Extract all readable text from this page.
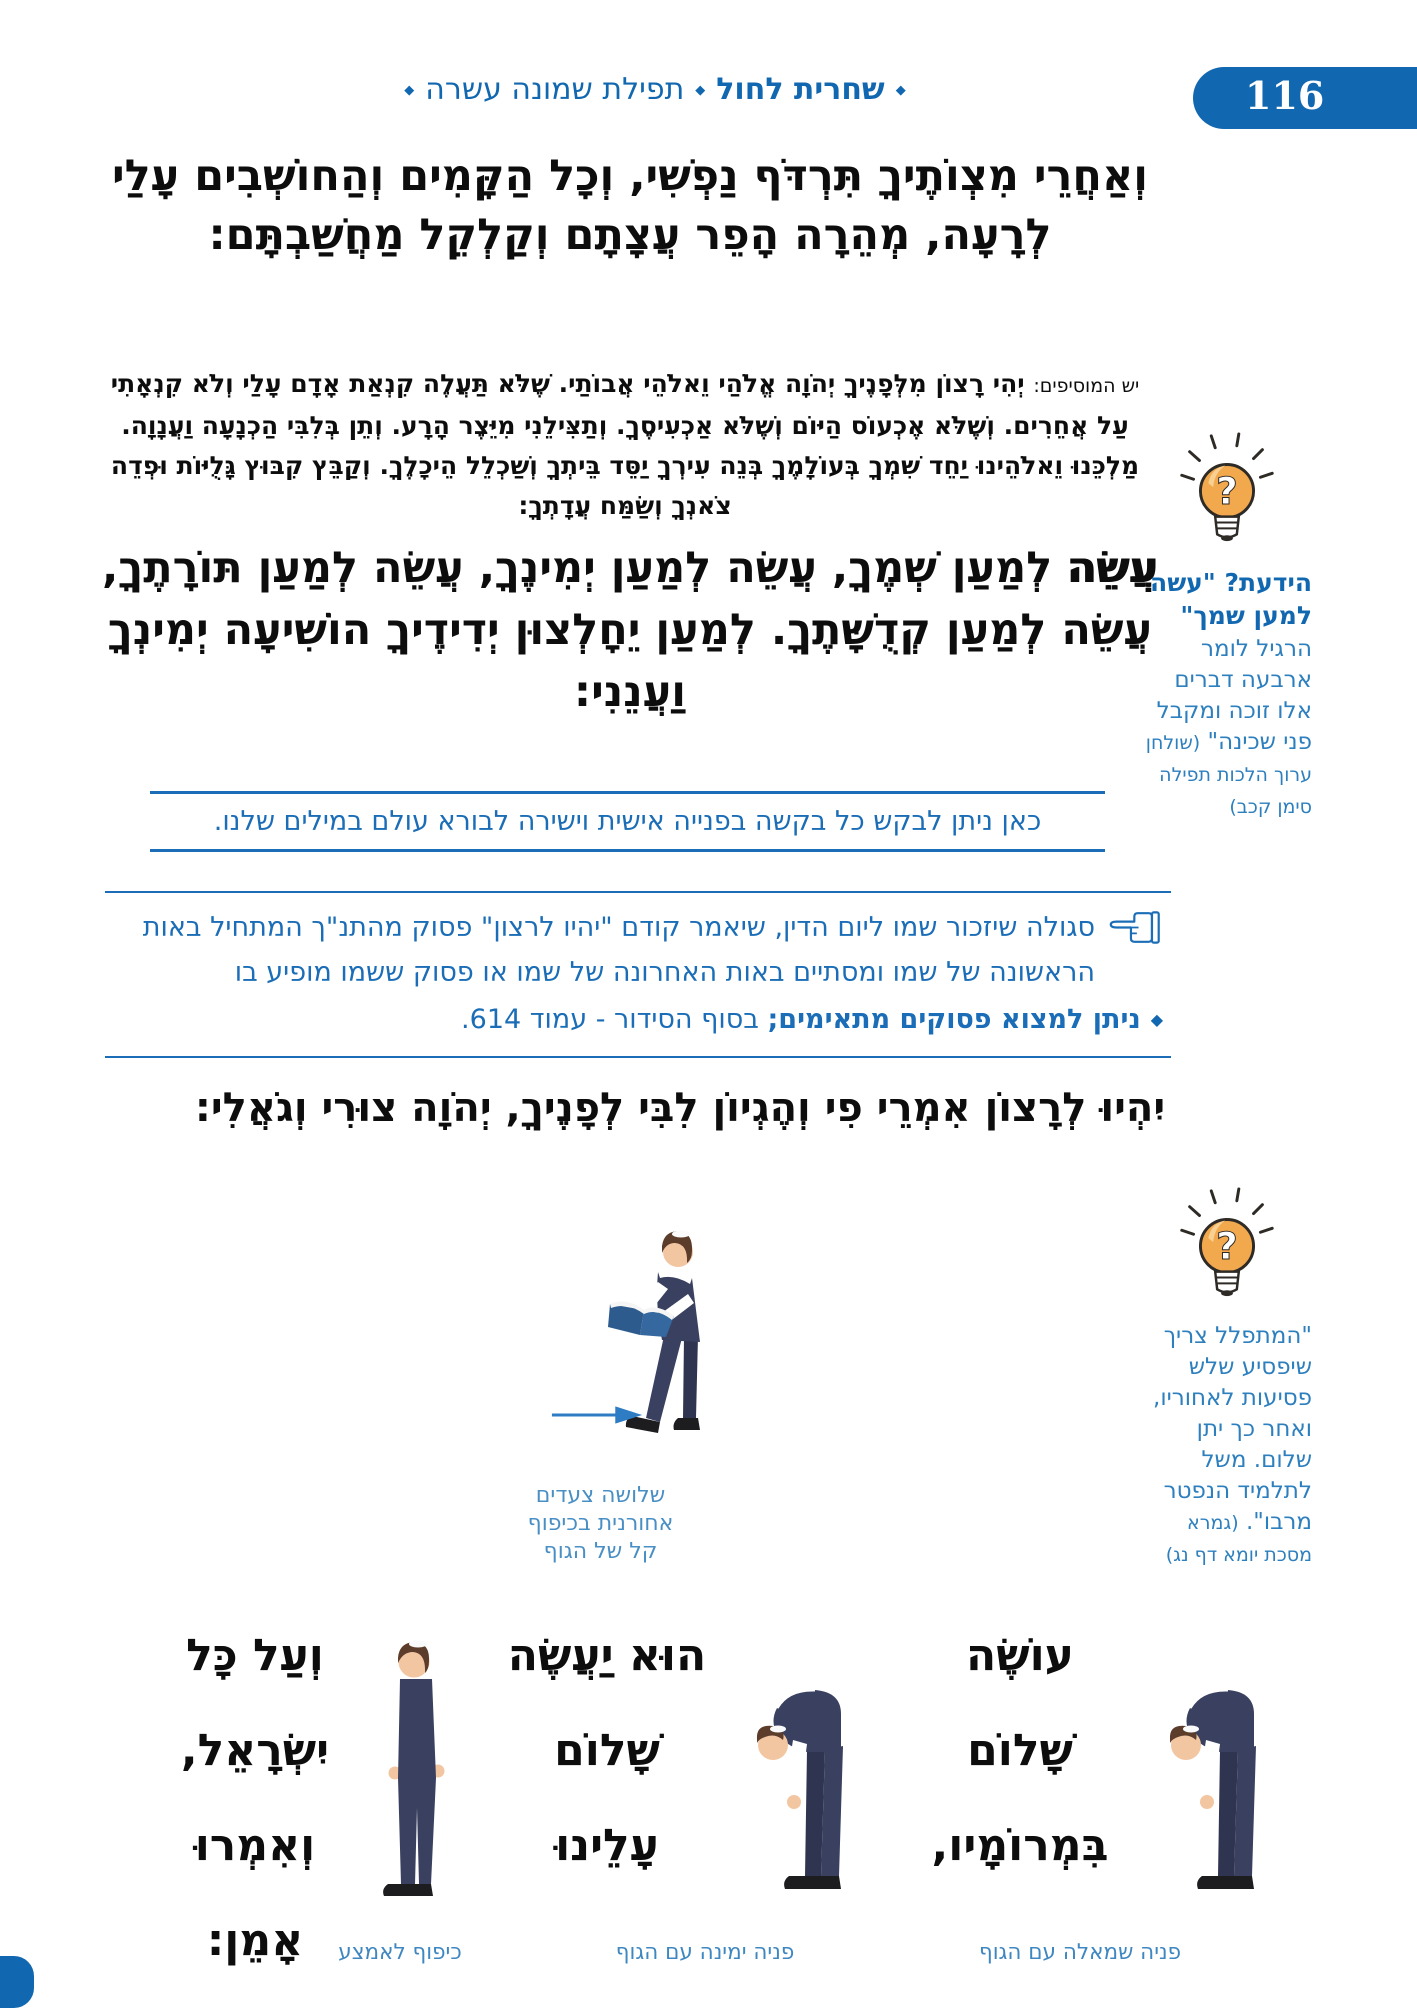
116
◆שחרית לחול◆תפילת שמונה עשרה◆
וְאַחֲרֵי מִצְוֹתֶיךָ תִּרְדֹּף נַפְשִׁי, וְכָל הַקָּמִים וְהַחוֹשְׁבִים עָלַי
לְרָעָה, מְהֵרָה הָפֵר עֲצָתָם וְקַלְקֵל מַחֲשַׁבְתָּם:
יש המוסיפים: יְהִי רָצוֹן מִלְּפָנֶיךָ יְהֹוָה אֱלֹהַי וֵאלֹהֵי אֲבוֹתַי. שֶׁלֹּא תַּעֲלֶה קִנְאַת אָדָם עָלַי וְלֹא קִנְאָתִי
עַל אֲחֵרִים. וְשֶׁלֹּא אֶכְעוֹס הַיּוֹם וְשֶׁלֹּא אַכְעִיסֶךָ. וְתַצִּילֵנִי מִיֵּצֶר הָרָע. וְתֵן בְּלִבִּי הַכְנָעָה וַעֲנָוָה.
מַלְכֵּנוּ וֵאלֹהֵינוּ יַחֵד שִׁמְךָ בְּעוֹלָמֶךָ בְּנֵה עִירְךָ יַסֵּד בֵּיתְךָ וְשַׁכְלֵל הֵיכָלֶךָ. וְקַבֵּץ קִבּוּץ גָּלֻיּוֹת וּפְדֵה
צֹאנְךָ וְשַׂמַּח עֲדָתְךָ:
עֲשֵׂה לְמַעַן שְׁמֶךָ, עֲשֵׂה לְמַעַן יְמִינֶךָ, עֲשֵׂה לְמַעַן תּוֹרָתֶךָ,
עֲשֵׂה לְמַעַן קְדֻשָּׁתֶךָ. לְמַעַן יֵחָלְצוּן יְדִידֶיךָ הוֹשִׁיעָה יְמִינְךָ
וַעֲנֵנִי:
הידעת? "עשה למען שמך"
הרגיל לומר ארבעה דברים אלו זוכה ומקבל פני שכינה" (שולחן ערוך הלכות תפילה סימן קכב)
כאן ניתן לבקש כל בקשה בפנייה אישית וישירה לבורא עולם במילים שלנו.
סגולה שיזכור שמו ליום הדין, שיאמר קודם "יהיו לרצון" פסוק מהתנ"ך המתחיל באות הראשונה של שמו ומסתיים באות האחרונה של שמו או פסוק ששמו מופיע בו
◆ניתן למצוא פסוקים מתאימים; בסוף הסידור - עמוד 614.
יִהְיוּ לְרָצוֹן אִמְרֵי פִי וְהֶגְיוֹן לִבִּי לְפָנֶיךָ, יְהֹוָה צוּרִי וְגֹאֲלִי:
שלושה צעדים
אחורנית בכיפוף
קל של הגוף
"המתפלל צריך שיפסיע שלש פסיעות לאחוריו, ואחר כך יתן שלום. משל לתלמיד הנפטר מרבו". (גמרא מסכת יומא דף נג)
עוֹשֶׂה
שָׁלוֹם
בִּמְרוֹמָיו,
פניה שמאלה עם הגוף
הוּא יַעֲשֶׂה
שָׁלוֹם
עָלֵינוּ
פניה ימינה עם הגוף
וְעַל כָּל
יִשְׂרָאֵל,
וְאִמְרוּ אָמֵן:	כיפוף לאמצע
